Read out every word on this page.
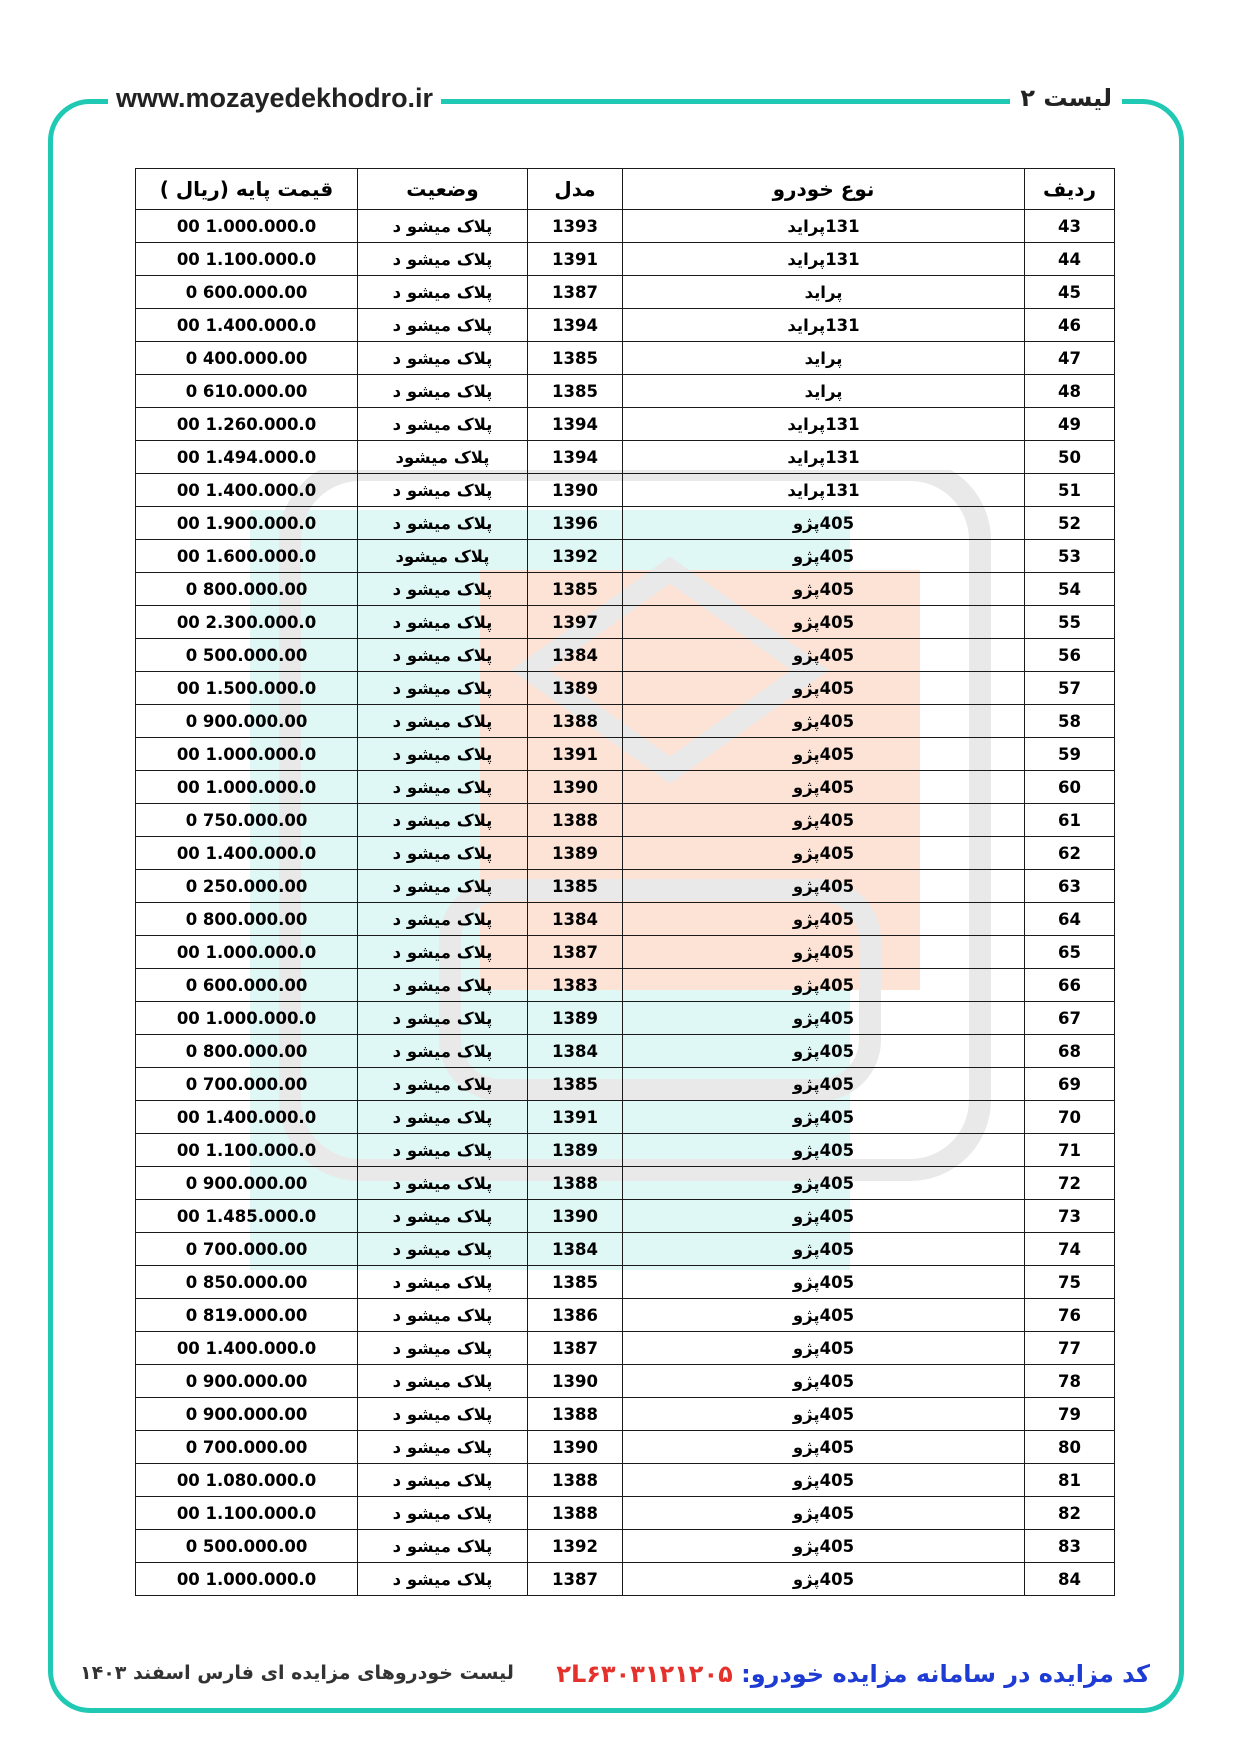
www.mozayedekhodro.ir	لیست ۲
ردیف	نوع خودرو	مدل	وضعیت	قیمت پایه (ریال )
43	131پراید	1393	پلاک میشو د	1.000.000.0 00
44	131پراید	1391	پلاک میشو د	1.100.000.0 00
45	پراید	1387	پلاک میشو د	600.000.00 0
46	131پراید	1394	پلاک میشو د	1.400.000.0 00
47	پراید	1385	پلاک میشو د	400.000.00 0
48	پراید	1385	پلاک میشو د	610.000.00 0
49	131پراید	1394	پلاک میشو د	1.260.000.0 00
50	131پراید	1394	پلاک میشود	1.494.000.0 00
51	131پراید	1390	پلاک میشو د	1.400.000.0 00
52	405پژو	1396	پلاک میشو د	1.900.000.0 00
53	405پژو	1392	پلاک میشود	1.600.000.0 00
54	405پژو	1385	پلاک میشو د	800.000.00 0
55	405پژو	1397	پلاک میشو د	2.300.000.0 00
56	405پژو	1384	پلاک میشو د	500.000.00 0
57	405پژو	1389	پلاک میشو د	1.500.000.0 00
58	405پژو	1388	پلاک میشو د	900.000.00 0
59	405پژو	1391	پلاک میشو د	1.000.000.0 00
60	405پژو	1390	پلاک میشو د	1.000.000.0 00
61	405پژو	1388	پلاک میشو د	750.000.00 0
62	405پژو	1389	پلاک میشو د	1.400.000.0 00
63	405پژو	1385	پلاک میشو د	250.000.00 0
64	405پژو	1384	پلاک میشو د	800.000.00 0
65	405پژو	1387	پلاک میشو د	1.000.000.0 00
66	405پژو	1383	پلاک میشو د	600.000.00 0
67	405پژو	1389	پلاک میشو د	1.000.000.0 00
68	405پژو	1384	پلاک میشو د	800.000.00 0
69	405پژو	1385	پلاک میشو د	700.000.00 0
70	405پژو	1391	پلاک میشو د	1.400.000.0 00
71	405پژو	1389	پلاک میشو د	1.100.000.0 00
72	405پژو	1388	پلاک میشو د	900.000.00 0
73	405پژو	1390	پلاک میشو د	1.485.000.0 00
74	405پژو	1384	پلاک میشو د	700.000.00 0
75	405پژو	1385	پلاک میشو د	850.000.00 0
76	405پژو	1386	پلاک میشو د	819.000.00 0
77	405پژو	1387	پلاک میشو د	1.400.000.0 00
78	405پژو	1390	پلاک میشو د	900.000.00 0
79	405پژو	1388	پلاک میشو د	900.000.00 0
80	405پژو	1390	پلاک میشو د	700.000.00 0
81	405پژو	1388	پلاک میشو د	1.080.000.0 00
82	405پژو	1388	پلاک میشو د	1.100.000.0 00
83	405پژو	1392	پلاک میشو د	500.000.00 0
84	405پژو	1387	پلاک میشو د	1.000.000.0 00
کد مزایده در سامانه مزایده خودرو: ۲L۶۳۰۳۱۲۱۲۰۵
لیست خودروهای مزایده ای فارس اسفند ۱۴۰۳
